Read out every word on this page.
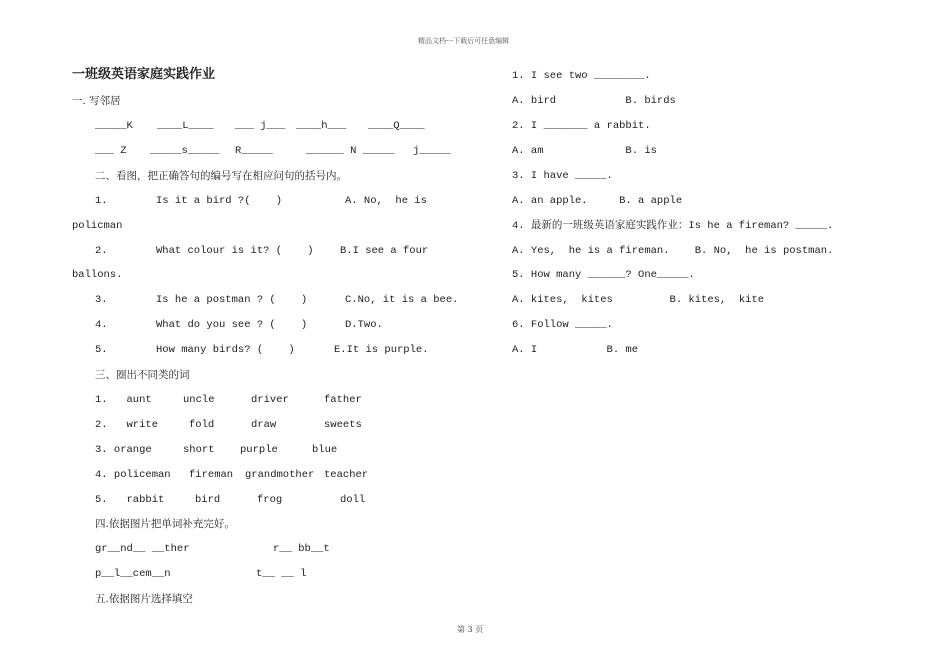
精品文档---下载后可任意编辑
第 3 页
一班级英语家庭实践作业
一. 写邻居
_____K ____L____ ___ j___ ____h___ ____Q____
___ Z _____s_____ R_____	______ N _____ j_____
二、看图，把正确答句的编号写在相应问句的括号内。
1.	Is it a bird ?(    )	A. No,  he is
policman
2.	What colour is it? (    )	B.I see a four
ballons.
3.	Is he a postman ? (    )	C.No, it is a bee.
4.	What do you see ? (    )	D.Two.
5.	How many birds? (    )	E.It is purple.
三、圈出不同类的词
1.   aunt	uncle	driver	father
2.   write	fold	draw	sweets
3. orange	short purple	blue
4. policeman fireman grandmother teacher
5.   rabbit	bird	frog	doll
四.依据图片把单词补充完好。
gr__nd__ __ther	r__ bb__t
p__l__cem__n	t__ __ l
五.依据图片选择填空
1. I see two ________.
A. bird           B. birds
2. I _______ a rabbit.
A. am             B. is
3. I have _____.
A. an apple.     B. a apple
4. 最新的一班级英语家庭实践作业：Is he a fireman? _____.
A. Yes,  he is a fireman.    B. No,  he is postman.
5. How many ______? One_____.
A. kites,  kites         B. kites,  kite
6. Follow _____.
A. I           B. me
